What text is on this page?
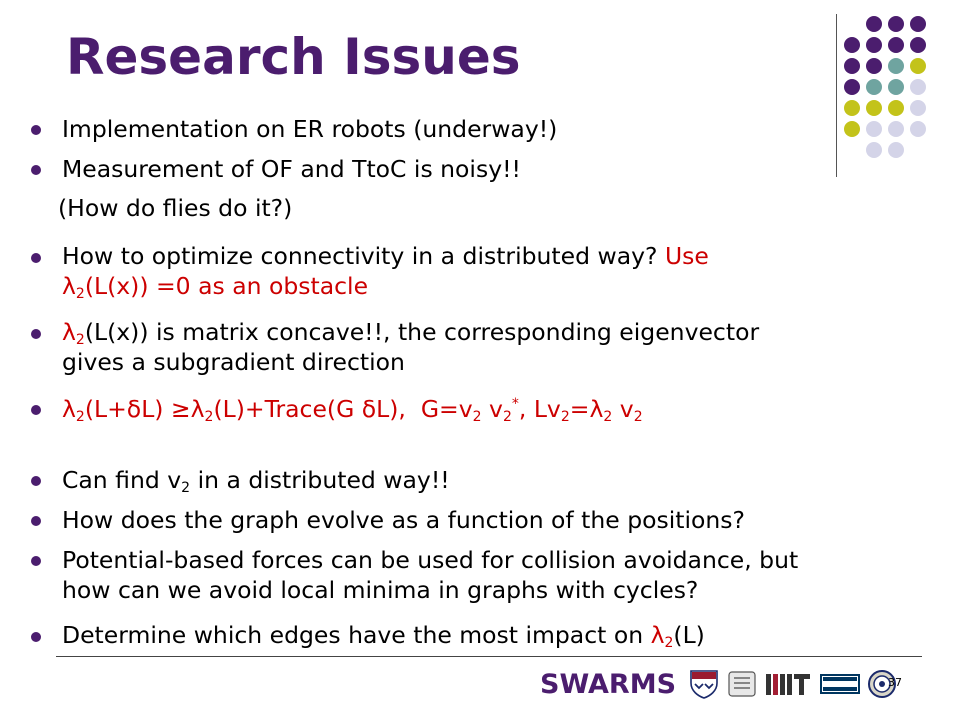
Research Issues

Implementation on ER robots (underway!)

Measurement of OF and TtoC is noisy!!

(How do flies do it?)

How to optimize connectivity in a distributed way? Use
$\lambda_2(L(x)) =0$ as an obstacle

$\lambda_2(L(x))$ is matrix concave!!, the corresponding eigenvector
gives a subgradient direction

$\lambda_2(L+\delta L)$ $\ge\lambda_2(L)+Trace(G$ δL),  $G=v_2$ $v_2^*$, $Lv_2=\lambda_2$ $v_2$

Can find $v_2$ in a distributed way!!

How does the graph evolve as a function of the positions?

Potential-based forces can be used for collision avoidance, but
how can we avoid local minima in graphs with cycles?

Determine which edges have the most impact on $\lambda_2(L)$

SWARMS	37
